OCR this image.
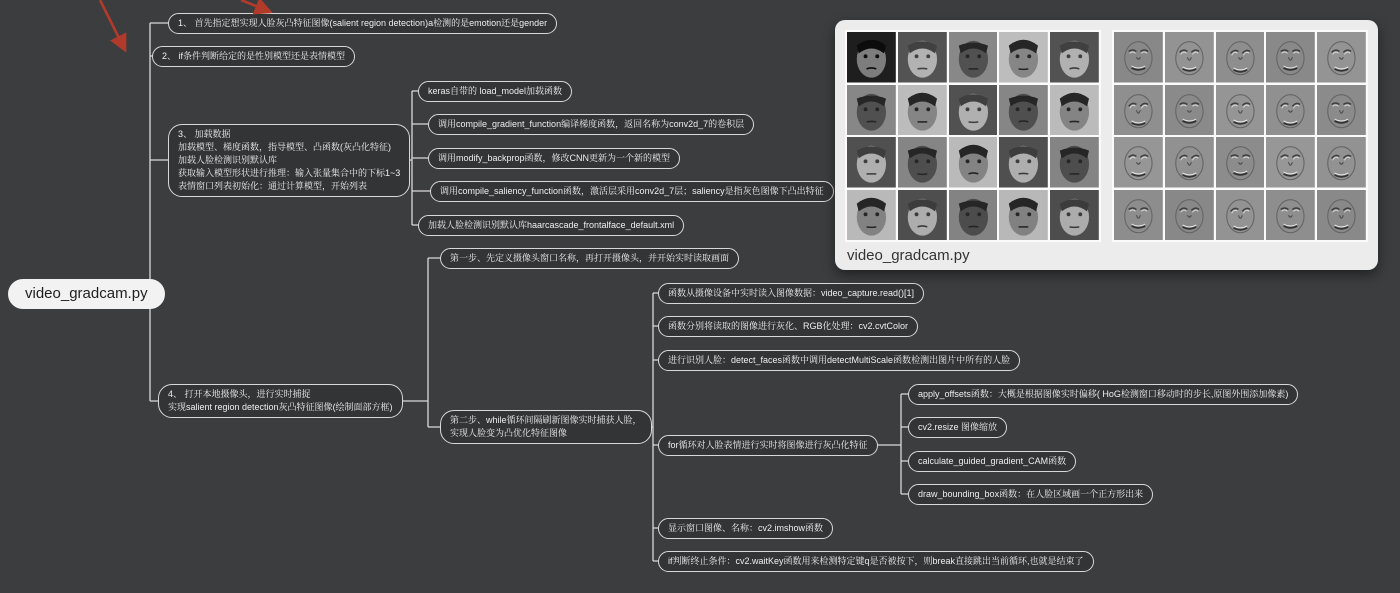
1、 首先指定想实现人脸灰凸特征图像(salient region detection)a检测的是emotion还是gender
2、 if条件判断给定的是性别模型还是表情模型
3、 加载数据
加载模型、梯度函数，指导模型、凸函数(灰凸化特征)
加载人脸检测识别默认库
获取输入模型形状进行推理：输入张量集合中的下标1~3
表情窗口列表初始化：通过计算模型，开始列表
keras自带的 load_model加载函数
调用compile_gradient_function编译梯度函数，返回名称为conv2d_7的卷积层
调用modify_backprop函数，修改CNN更新为一个新的模型
调用compile_saliency_function函数，激活层采用conv2d_7层；saliency是指灰色图像下凸出特征
加载人脸检测识别默认库haarcascade_frontalface_default.xml
第一步、先定义摄像头窗口名称，再打开摄像头，并开始实时读取画面
video_gradcam.py	函数从摄像设备中实时读入图像数据：video_capture.read()[1]
函数分别将读取的图像进行灰化、RGB化处理：cv2.cvtColor
进行识别人脸：detect_faces函数中调用detectMultiScale函数检测出图片中所有的人脸
4、 打开本地摄像头，进行实时捕捉
实现salient region detection灰凸特征图像(绘制面部方框)
第二步、while循环间隔刷新图像实时捕获人脸，
实现人脸变为凸优化特征图像
for循环对人脸表情进行实时将图像进行灰凸化特征
apply_offsets函数：大概是根据图像实时偏移( HoG检测窗口移动时的步长,原图外围添加像素)
cv2.resize 图像缩放
calculate_guided_gradient_CAM函数
draw_bounding_box函数：在人脸区域画一个正方形出来
显示窗口图像、名称：cv2.imshow函数
if判断终止条件：cv2.waitKey函数用来检测特定键q是否被按下，则break直接跳出当前循环,也就是结束了
video_gradcam.py
